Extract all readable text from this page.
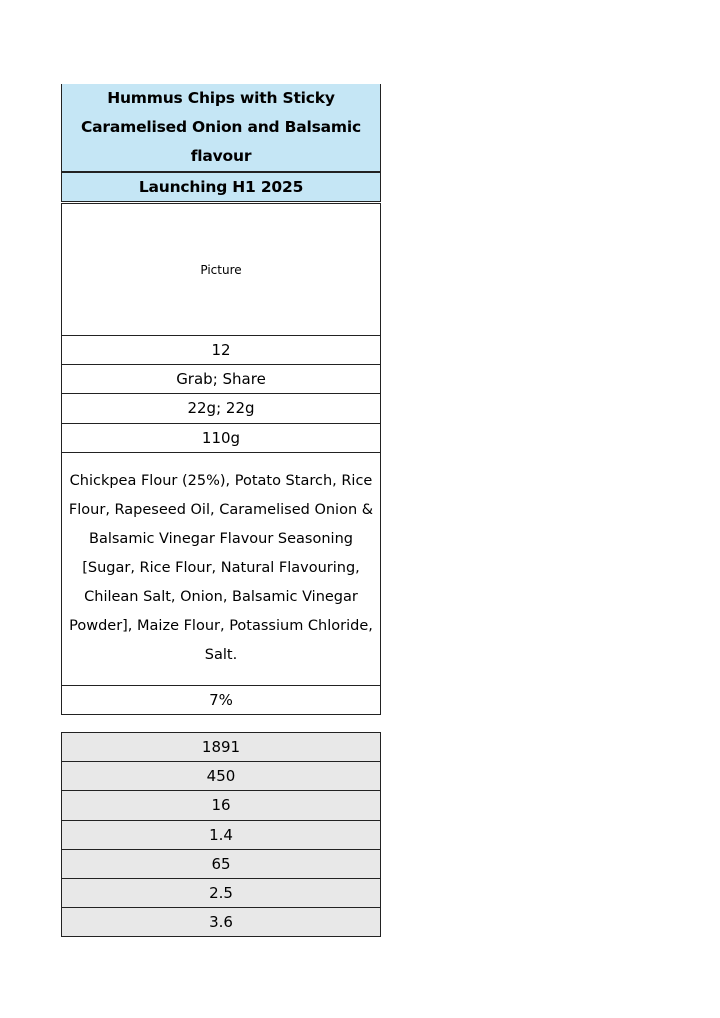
Hummus Chips with Sticky Caramelised Onion and Balsamic flavour
Launching H1 2025
Picture
12
Grab; Share
22g; 22g
110g
Chickpea Flour (25%), Potato Starch, Rice Flour, Rapeseed Oil, Caramelised Onion & Balsamic Vinegar Flavour Seasoning [Sugar, Rice Flour, Natural Flavouring, Chilean Salt, Onion, Balsamic Vinegar Powder], Maize Flour, Potassium Chloride, Salt.
7%
1891
450
16
1.4
65
2.5
3.6
